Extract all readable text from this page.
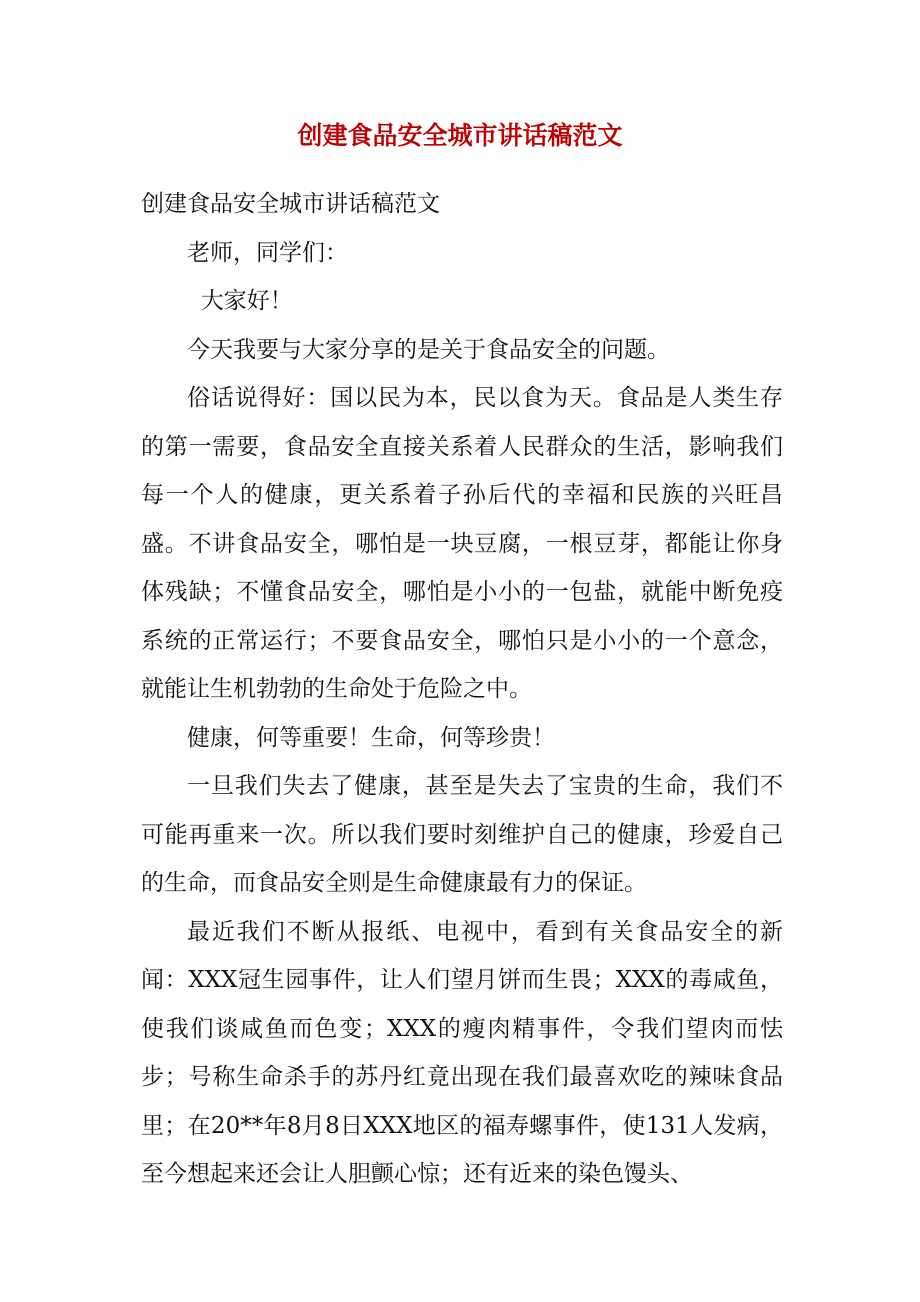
创建食品安全城市讲话稿范文

创建食品安全城市讲话稿范文

老师，同学们：

大家好！

今天我要与大家分享的是关于食品安全的问题。

俗话说得好：国以民为本，民以食为天。食品是人类生存的第一需要，食品安全直接关系着人民群众的生活，影响我们每一个人的健康，更关系着子孙后代的幸福和民族的兴旺昌盛。不讲食品安全，哪怕是一块豆腐，一根豆芽，都能让你身体残缺；不懂食品安全，哪怕是小小的一包盐，就能中断免疫系统的正常运行；不要食品安全，哪怕只是小小的一个意念，就能让生机勃勃的生命处于危险之中。

健康，何等重要！生命，何等珍贵！

一旦我们失去了健康，甚至是失去了宝贵的生命，我们不可能再重来一次。所以我们要时刻维护自己的健康，珍爱自己的生命，而食品安全则是生命健康最有力的保证。

最近我们不断从报纸、电视中，看到有关食品安全的新闻：XXX冠生园事件，让人们望月饼而生畏；XXX的毒咸鱼，使我们谈咸鱼而色变；XXX的瘦肉精事件，令我们望肉而怯步；号称生命杀手的苏丹红竟出现在我们最喜欢吃的辣味食品里；在20**年8月8日XXX地区的福寿螺事件，使131人发病，至今想起来还会让人胆颤心惊；还有近来的染色馒头、
